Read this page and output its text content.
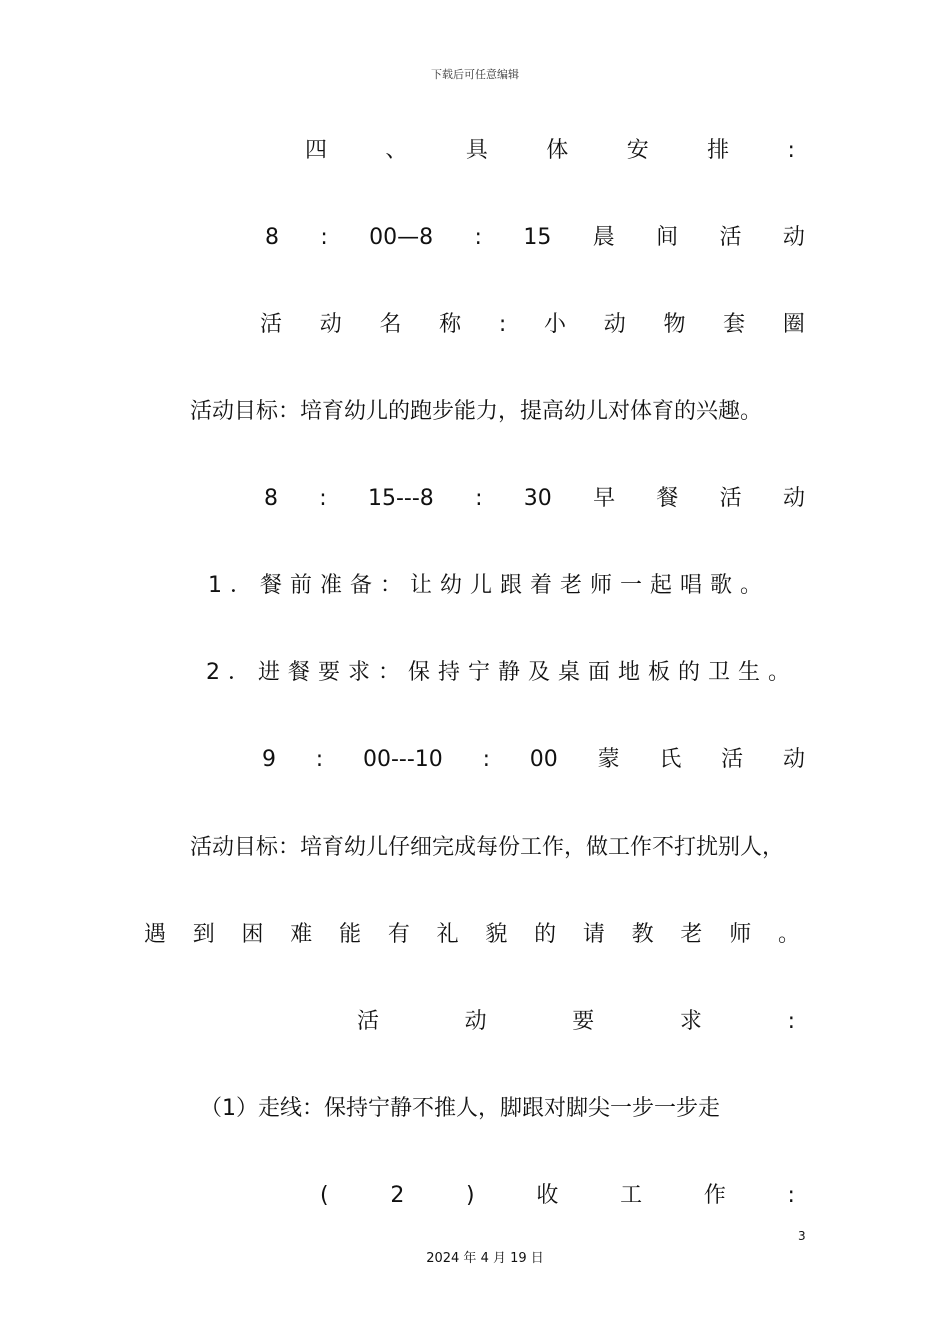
下载后可任意编辑
四	、	具	体	安	排	:
8 : 00—8 : 15 晨 间 活 动
活 动 名 称 : 小 动 物 套 圈
活动目标：培育幼儿的跑步能力，提高幼儿对体育的兴趣。
8 : 15---8 : 30 早 餐 活 动
1．餐前准备：让幼儿跟着老师一起唱歌。
2．进餐要求：保持宁静及桌面地板的卫生。
9 : 00---10 : 00 蒙 氏 活 动
活动目标：培育幼儿仔细完成每份工作，做工作不打扰别人，
遇 到 困 难 能 有 礼 貌 的 请 教 老 师 。
活	动	要	求	:
（1）走线：保持宁静不推人，脚跟对脚尖一步一步走
(	2	)	收	工	作	:
3
2024 年 4 月 19 日
